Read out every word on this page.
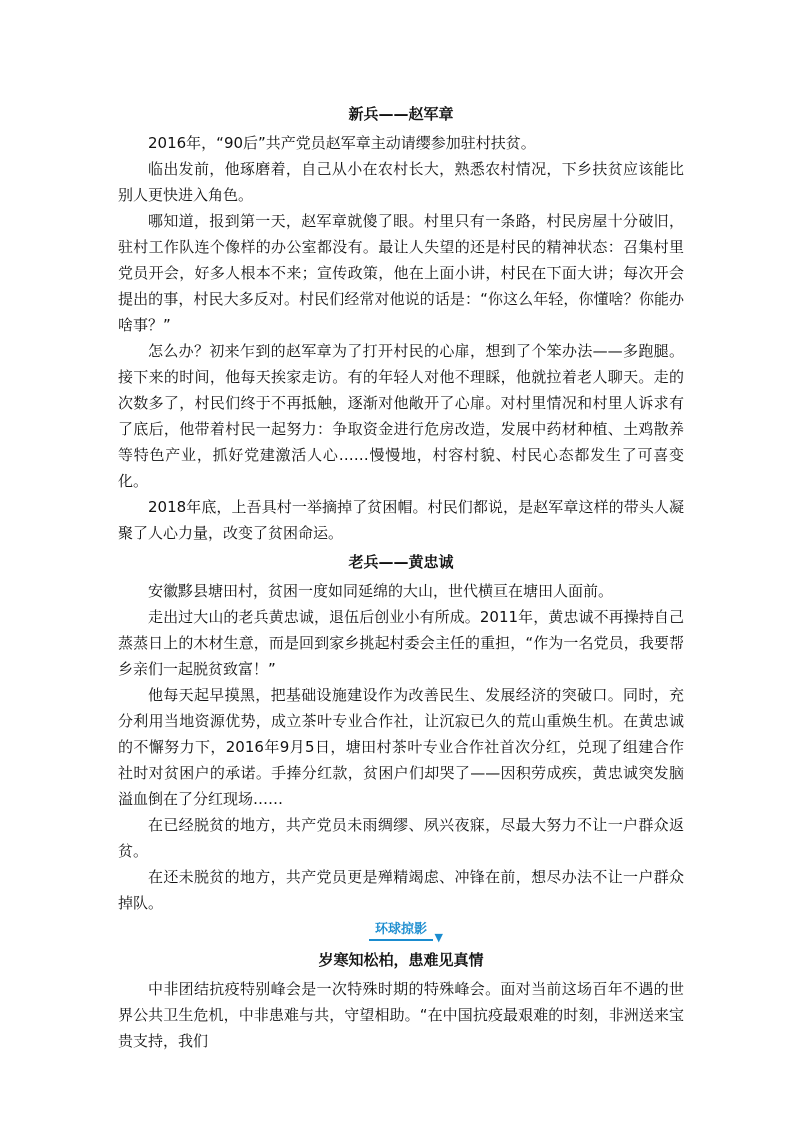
新兵——赵军章

2016年，“90后”共产党员赵军章主动请缨参加驻村扶贫。

临出发前，他琢磨着，自己从小在农村长大，熟悉农村情况，下乡扶贫应该能比别人更快进入角色。

哪知道，报到第一天，赵军章就傻了眼。村里只有一条路，村民房屋十分破旧，驻村工作队连个像样的办公室都没有。最让人失望的还是村民的精神状态：召集村里党员开会，好多人根本不来；宣传政策，他在上面小讲，村民在下面大讲；每次开会提出的事，村民大多反对。村民们经常对他说的话是：“你这么年轻，你懂啥？你能办啥事？”

怎么办？初来乍到的赵军章为了打开村民的心扉，想到了个笨办法——多跑腿。接下来的时间，他每天挨家走访。有的年轻人对他不理睬，他就拉着老人聊天。走的次数多了，村民们终于不再抵触，逐渐对他敞开了心扉。对村里情况和村里人诉求有了底后，他带着村民一起努力：争取资金进行危房改造，发展中药材种植、土鸡散养等特色产业，抓好党建激活人心……慢慢地，村容村貌、村民心态都发生了可喜变化。

2018年底，上吾具村一举摘掉了贫困帽。村民们都说，是赵军章这样的带头人凝聚了人心力量，改变了贫困命运。

老兵——黄忠诚

安徽黟县塘田村，贫困一度如同延绵的大山，世代横亘在塘田人面前。

走出过大山的老兵黄忠诚，退伍后创业小有所成。2011年，黄忠诚不再操持自己蒸蒸日上的木材生意，而是回到家乡挑起村委会主任的重担，“作为一名党员，我要帮乡亲们一起脱贫致富！”

他每天起早摸黑，把基础设施建设作为改善民生、发展经济的突破口。同时，充分利用当地资源优势，成立茶叶专业合作社，让沉寂已久的荒山重焕生机。在黄忠诚的不懈努力下，2016年9月5日，塘田村茶叶专业合作社首次分红，兑现了组建合作社时对贫困户的承诺。手捧分红款，贫困户们却哭了——因积劳成疾，黄忠诚突发脑溢血倒在了分红现场……

在已经脱贫的地方，共产党员未雨绸缪、夙兴夜寐，尽最大努力不让一户群众返贫。

在还未脱贫的地方，共产党员更是殚精竭虑、冲锋在前，想尽办法不让一户群众掉队。

环球掠影
▼
岁寒知松柏，患难见真情

中非团结抗疫特别峰会是一次特殊时期的特殊峰会。面对当前这场百年不遇的世界公共卫生危机，中非患难与共，守望相助。“在中国抗疫最艰难的时刻，非洲送来宝贵支持，我们
